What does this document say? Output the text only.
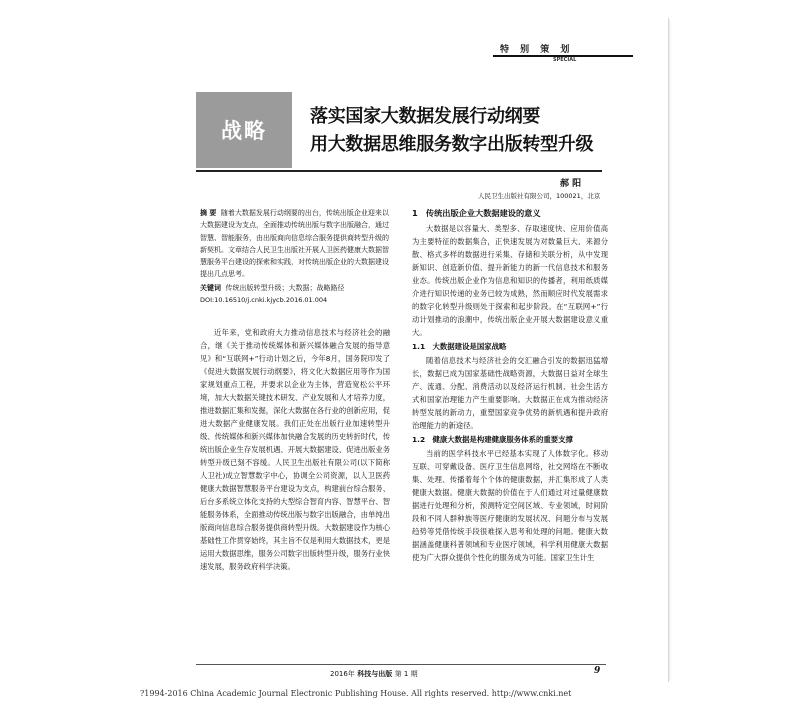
特 别 策 划
SPECIAL
战略
落实国家大数据发展行动纲要
用大数据思维服务数字出版转型升级
郝 阳
人民卫生出版社有限公司，100021，北京
摘 要 随着大数据发展行动纲要的出台，传统出版企业迎来以大数据建设为支点，全面推动传统出版与数字出版融合，通过智慧、智能服务，由出版商向信息综合服务提供商转型升级的新契机。文章结合人民卫生出版社开展人卫医药健康大数据智慧服务平台建设的探索和实践，对传统出版企业的大数据建设提出几点思考。
关键词 传统出版转型升级；大数据；战略路径
DOI:10.16510/j.cnki.kjycb.2016.01.004
近年来，党和政府大力推动信息技术与经济社会的融合，继《关于推动传统媒体和新兴媒体融合发展的指导意见》和“互联网+”行动计划之后，今年8月，国务院印发了《促进大数据发展行动纲要》，将文化大数据应用等作为国家规划重点工程，并要求以企业为主体，营造宽松公平环境，加大大数据关键技术研发、产业发展和人才培养力度，推进数据汇集和发掘，深化大数据在各行业的创新应用，促进大数据产业健康发展。我们正处在出版行业加速转型升级、传统媒体和新兴媒体加快融合发展的历史转折时代，传统出版企业生存发展机遇、开展大数据建设、促进出版业务转型升级已刻不容缓。人民卫生出版社有限公司(以下简称人卫社)成立智慧数字中心，协调全公司资源，以人卫医药健康大数据智慧服务平台建设为支点，构建前台综合服务、后台多系统立体化支持的大型综合智育内容、智慧平台、智能服务体系，全面推动传统出版与数字出版融合，由单纯出版商向信息综合服务提供商转型升级。大数据建设作为核心基础性工作贯穿始终，其主旨不仅是利用大数据技术，更是运用大数据思维，服务公司数字出版转型升级，服务行业快速发展，服务政府科学决策。
1　传统出版企业大数据建设的意义
大数据是以容量大、类型多、存取速度快、应用价值高为主要特征的数据集合，正快速发展为对数量巨大、来源分散、格式多样的数据进行采集、存储和关联分析，从中发现新知识、创造新价值、提升新能力的新一代信息技术和服务业态。传统出版企业作为信息和知识的传播者，利用纸质媒介进行知识传递的业务已较为成熟，然而顺应时代发展需求的数字化转型升级则处于探索和起步阶段。在“互联网+”行动计划推动的浪潮中，传统出版企业开展大数据建设意义重大。
1.1　大数据建设是国家战略
随着信息技术与经济社会的交汇融合引发的数据迅猛增长，数据已成为国家基础性战略资源，大数据日益对全球生产、流通、分配、消费活动以及经济运行机制、社会生活方式和国家治理能力产生重要影响。大数据正在成为推动经济转型发展的新动力，重塑国家竞争优势的新机遇和提升政府治理能力的新途径。
1.2　健康大数据是构建健康服务体系的重要支撑
当前的医学科技水平已经基本实现了人体数字化。移动互联、可穿戴设备、医疗卫生信息网络，社交网络在不断收集、处理、传播着每个个体的健康数据，并汇集形成了人类健康大数据。健康大数据的价值在于人们通过对过量健康数据进行处理和分析，预测特定空间区域、专业领域，时间阶段和不同人群种族等医疗健康的发展状况、问题分布与发展趋势等凭借传统手段很难探入思考和处理的问题。健康大数据涵盖健康科普领域和专业医疗领域，科学利用健康大数据使为广大群众提供个性化的服务成为可能。国家卫生计生
2016年 科技与出版 第 1 期	9
?1994-2016 China Academic Journal Electronic Publishing House. All rights reserved. http://www.cnki.net
